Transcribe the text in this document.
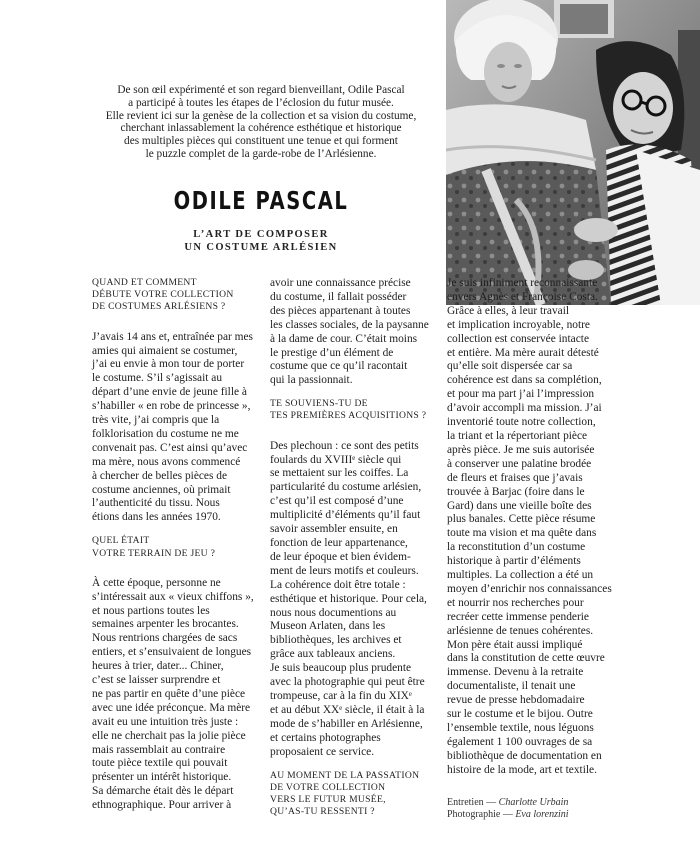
De son œil expérimenté et son regard bienveillant, Odile Pascal
a participé à toutes les étapes de l’éclosion du futur musée.
Elle revient ici sur la genèse de la collection et sa vision du costume,
cherchant inlassablement la cohérence esthétique et historique
des multiples pièces qui constituent une tenue et qui forment
le puzzle complet de la garde-robe de l’Arlésienne.
ODILE PASCAL
L’ART DE COMPOSER
UN COSTUME ARLÉSIEN
QUAND ET COMMENT
DÉBUTE VOTRE COLLECTION
DE COSTUMES ARLÉSIENS ?
J’avais 14 ans et, entraînée par mes
amies qui aimaient se costumer,
j’ai eu envie à mon tour de porter
le costume. S’il s’agissait au
départ d’une envie de jeune fille à
s’habiller « en robe de princesse »,
très vite, j’ai compris que la
folklorisation du costume ne me
convenait pas. C’est ainsi qu’avec
ma mère, nous avons commencé
à chercher de belles pièces de
costume anciennes, où primait
l’authenticité du tissu. Nous
étions dans les années 1970.
QUEL ÉTAIT
VOTRE TERRAIN DE JEU ?
À cette époque, personne ne
s’intéressait aux « vieux chiffons »,
et nous partions toutes les
semaines arpenter les brocantes.
Nous rentrions chargées de sacs
entiers, et s’ensuivaient de longues
heures à trier, dater... Chiner,
c’est se laisser surprendre et
ne pas partir en quête d’une pièce
avec une idée préconçue. Ma mère
avait eu une intuition très juste :
elle ne cherchait pas la jolie pièce
mais rassemblait au contraire
toute pièce textile qui pouvait
présenter un intérêt historique.
Sa démarche était dès le départ
ethnographique. Pour arriver à
avoir une connaissance précise
du costume, il fallait posséder
des pièces appartenant à toutes
les classes sociales, de la paysanne
à la dame de cour. C’était moins
le prestige d’un élément de
costume que ce qu’il racontait
qui la passionnait.
TE SOUVIENS-TU DE
TES PREMIÈRES ACQUISITIONS ?
Des plechoun : ce sont des petits
foulards du XVIIIᵉ siècle qui
se mettaient sur les coiffes. La
particularité du costume arlésien,
c’est qu’il est composé d’une
multiplicité d’éléments qu’il faut
savoir assembler ensuite, en
fonction de leur appartenance,
de leur époque et bien évidem-
ment de leurs motifs et couleurs.
La cohérence doit être totale :
esthétique et historique. Pour cela,
nous nous documentions au
Museon Arlaten, dans les
bibliothèques, les archives et
grâce aux tableaux anciens.
Je suis beaucoup plus prudente
avec la photographie qui peut être
trompeuse, car à la fin du XIXᵉ
et au début XXᵉ siècle, il était à la
mode de s’habiller en Arlésienne,
et certains photographes
proposaient ce service.
AU MOMENT DE LA PASSATION
DE VOTRE COLLECTION
VERS LE FUTUR MUSÉE,
QU’AS-TU RESSENTI ?
Je suis infiniment reconnaissante
envers Agnès et Françoise Costa.
Grâce à elles, à leur travail
et implication incroyable, notre
collection est conservée intacte
et entière. Ma mère aurait détesté
qu’elle soit dispersée car sa
cohérence est dans sa complétion,
et pour ma part j’ai l’impression
d’avoir accompli ma mission. J’ai
inventorié toute notre collection,
la triant et la répertoriant pièce
après pièce. Je me suis autorisée
à conserver une palatine brodée
de fleurs et fraises que j’avais
trouvée à Barjac (foire dans le
Gard) dans une vieille boîte des
plus banales. Cette pièce résume
toute ma vision et ma quête dans
la reconstitution d’un costume
historique à partir d’éléments
multiples. La collection a été un
moyen d’enrichir nos connaissances
et nourrir nos recherches pour
recréer cette immense penderie
arlésienne de tenues cohérentes.
Mon père était aussi impliqué
dans la constitution de cette œuvre
immense. Devenu à la retraite
documentaliste, il tenait une
revue de presse hebdomadaire
sur le costume et le bijou. Outre
l’ensemble textile, nous léguons
également 1 100 ouvrages de sa
bibliothèque de documentation en
histoire de la mode, art et textile.
Entretien — Charlotte Urbain
Photographie — Eva lorenzini
